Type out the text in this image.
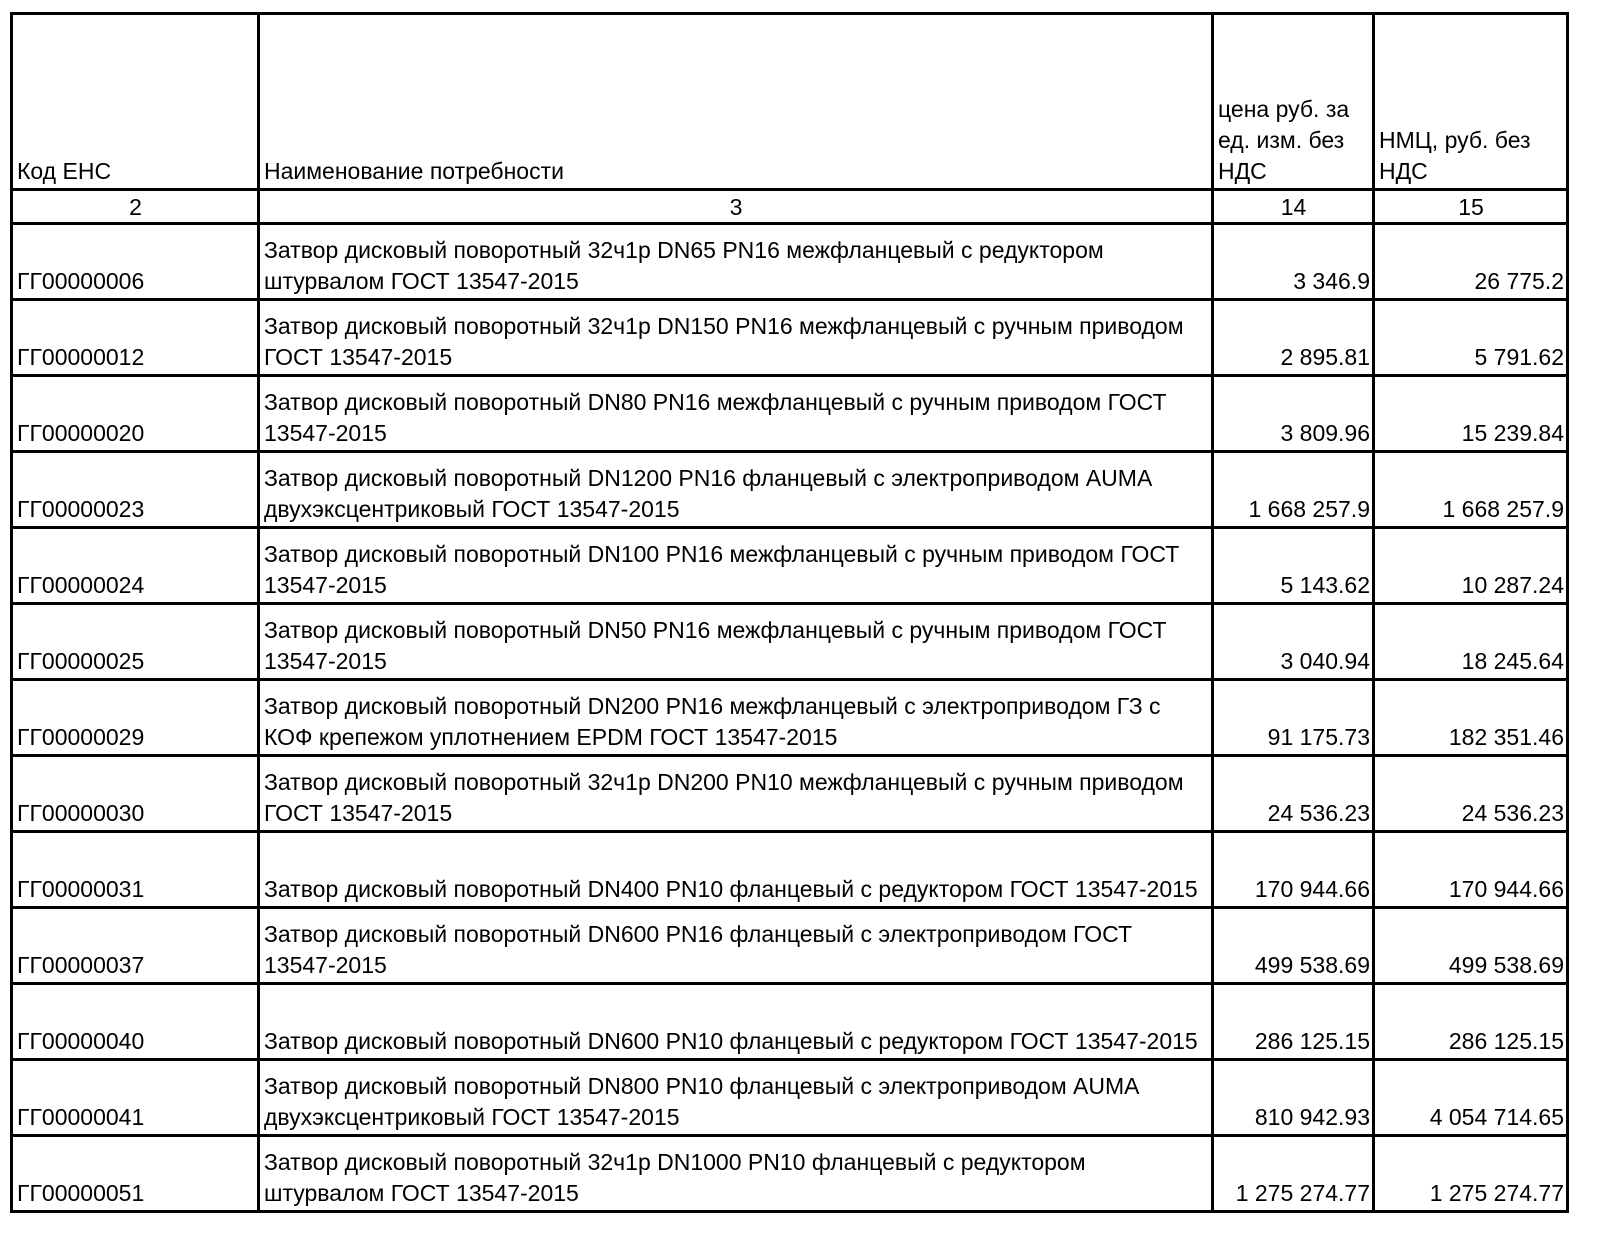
Код ЕНС	Наименование потребности	цена руб. за ед. изм. без НДС	НМЦ, руб. без НДС
2	3	14	15
ГГ00000006	Затвор дисковый поворотный 32ч1р DN65 PN16 межфланцевый с редуктором штурвалом ГОСТ 13547-2015	3 346.9	26 775.2
ГГ00000012	Затвор дисковый поворотный 32ч1р DN150 PN16 межфланцевый с ручным приводом ГОСТ 13547-2015	2 895.81	5 791.62
ГГ00000020	Затвор дисковый поворотный DN80 PN16 межфланцевый с ручным приводом ГОСТ 13547-2015	3 809.96	15 239.84
ГГ00000023	Затвор дисковый поворотный DN1200 PN16 фланцевый с электроприводом AUMA двухэксцентриковый ГОСТ 13547-2015	1 668 257.9	1 668 257.9
ГГ00000024	Затвор дисковый поворотный DN100 PN16 межфланцевый с ручным приводом ГОСТ 13547-2015	5 143.62	10 287.24
ГГ00000025	Затвор дисковый поворотный DN50 PN16 межфланцевый с ручным приводом ГОСТ 13547-2015	3 040.94	18 245.64
ГГ00000029	Затвор дисковый поворотный DN200 PN16 межфланцевый с электроприводом ГЗ с КОФ крепежом уплотнением EPDM ГОСТ 13547-2015	91 175.73	182 351.46
ГГ00000030	Затвор дисковый поворотный 32ч1р DN200 PN10 межфланцевый с ручным приводом ГОСТ 13547-2015	24 536.23	24 536.23
ГГ00000031	Затвор дисковый поворотный DN400 PN10 фланцевый с редуктором ГОСТ 13547-2015	170 944.66	170 944.66
ГГ00000037	Затвор дисковый поворотный DN600 PN16 фланцевый с электроприводом ГОСТ 13547-2015	499 538.69	499 538.69
ГГ00000040	Затвор дисковый поворотный DN600 PN10 фланцевый с редуктором ГОСТ 13547-2015	286 125.15	286 125.15
ГГ00000041	Затвор дисковый поворотный DN800 PN10 фланцевый с электроприводом AUMA двухэксцентриковый ГОСТ 13547-2015	810 942.93	4 054 714.65
ГГ00000051	Затвор дисковый поворотный 32ч1р DN1000 PN10 фланцевый с редуктором штурвалом ГОСТ 13547-2015	1 275 274.77	1 275 274.77
